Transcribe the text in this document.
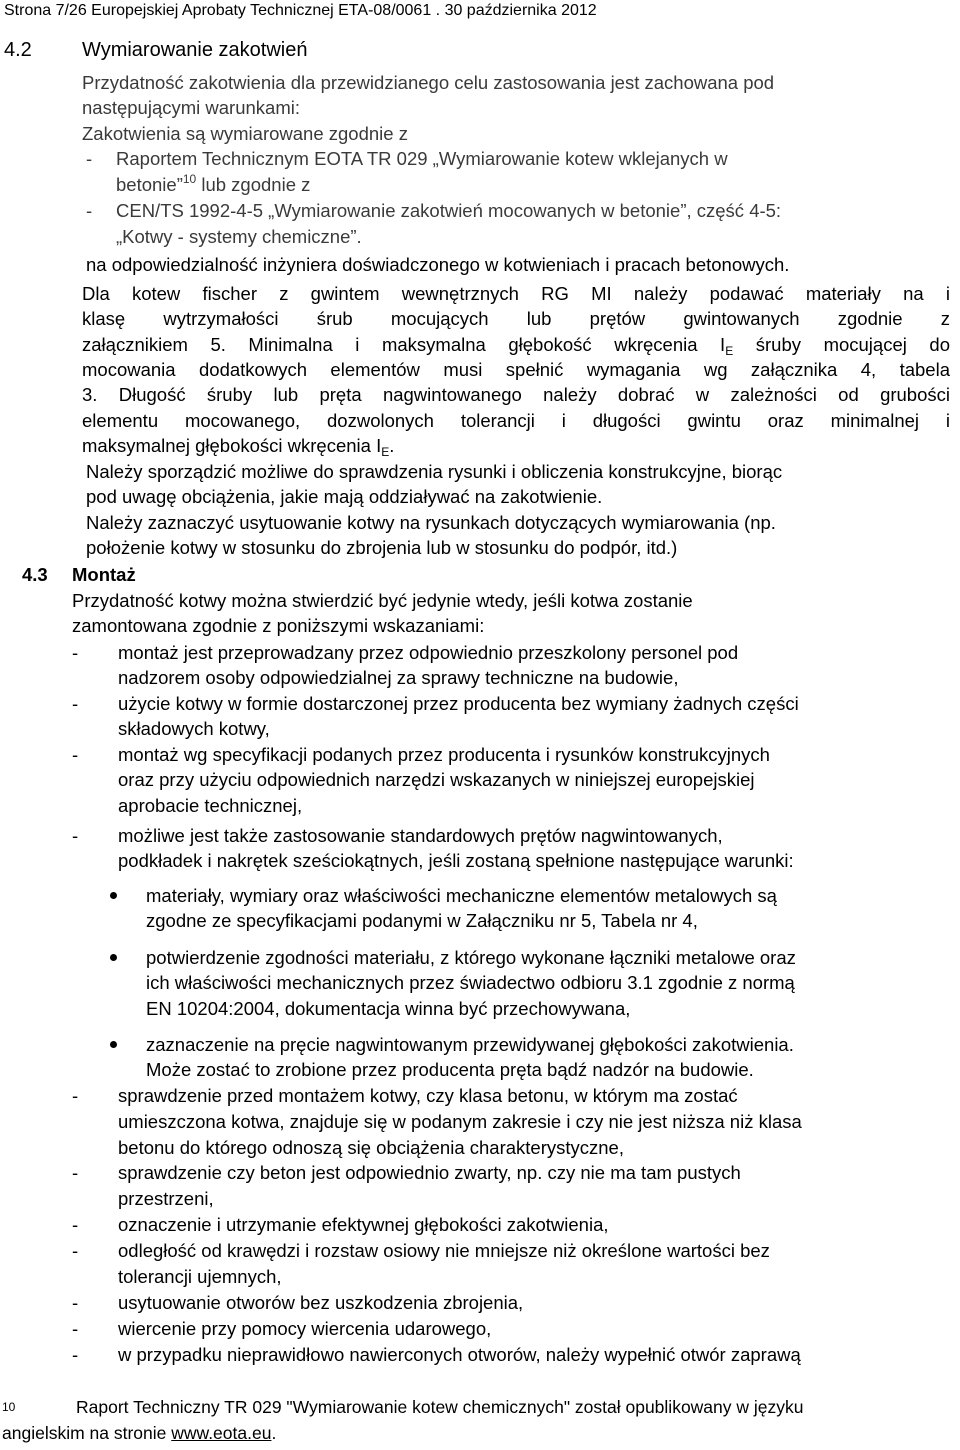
Strona 7/26 Europejskiej Aprobaty Technicznej ETA-08/0061 . 30 października 2012
4.2	Wymiarowanie zakotwień
Przydatność zakotwienia dla przewidzianego celu zastosowania jest zachowana pod
następującymi warunkami:
Zakotwienia są wymiarowane zgodnie z
- Raportem Technicznym EOTA TR 029 „Wymiarowanie kotew wklejanych w
betonie”$^{10}$ lub zgodnie z
- CEN/TS 1992-4-5 „Wymiarowanie zakotwień mocowanych w betonie”, część 4-5:
„Kotwy - systemy chemiczne”.
na odpowiedzialność inżyniera doświadczonego w kotwieniach i pracach betonowych.
Dla kotew fischer z gwintem wewnętrznych RG MI należy podawać materiały na i
klasę wytrzymałości śrub mocujących lub prętów gwintowanych zgodnie z
załącznikiem 5. Minimalna i maksymalna głębokość wkręcenia $I_E$ śruby mocującej do
mocowania dodatkowych elementów musi spełnić wymagania wg załącznika 4, tabela
3. Długość śruby lub pręta nagwintowanego należy dobrać w zależności od grubości
elementu mocowanego, dozwolonych tolerancji i długości gwintu oraz minimalnej i
maksymalnej głębokości wkręcenia $I_E$.
Należy sporządzić możliwe do sprawdzenia rysunki i obliczenia konstrukcyjne, biorąc
pod uwagę obciążenia, jakie mają oddziaływać na zakotwienie.
Należy zaznaczyć usytuowanie kotwy na rysunkach dotyczących wymiarowania (np.
położenie kotwy w stosunku do zbrojenia lub w stosunku do podpór, itd.)
4.3 Montaż
Przydatność kotwy można stwierdzić być jedynie wtedy, jeśli kotwa zostanie
zamontowana zgodnie z poniższymi wskazaniami:
- montaż jest przeprowadzany przez odpowiednio przeszkolony personel pod
nadzorem osoby odpowiedzialnej za sprawy techniczne na budowie,
- użycie kotwy w formie dostarczonej przez producenta bez wymiany żadnych części
składowych kotwy,
- montaż wg specyfikacji podanych przez producenta i rysunków konstrukcyjnych
oraz przy użyciu odpowiednich narzędzi wskazanych w niniejszej europejskiej
aprobacie technicznej,
- możliwe jest także zastosowanie standardowych prętów nagwintowanych,
podkładek i nakrętek sześciokątnych, jeśli zostaną spełnione następujące warunki:
materiały, wymiary oraz właściwości mechaniczne elementów metalowych są
zgodne ze specyfikacjami podanymi w Załączniku nr 5, Tabela nr 4,
potwierdzenie zgodności materiału, z którego wykonane łączniki metalowe oraz
ich właściwości mechanicznych przez świadectwo odbioru 3.1 zgodnie z normą
EN 10204:2004, dokumentacja winna być przechowywana,
zaznaczenie na pręcie nagwintowanym przewidywanej głębokości zakotwienia.
Może zostać to zrobione przez producenta pręta bądź nadzór na budowie.
- sprawdzenie przed montażem kotwy, czy klasa betonu, w którym ma zostać
umieszczona kotwa, znajduje się w podanym zakresie i czy nie jest niższa niż klasa
betonu do którego odnoszą się obciążenia charakterystyczne,
- sprawdzenie czy beton jest odpowiednio zwarty, np. czy nie ma tam pustych
przestrzeni,
- oznaczenie i utrzymanie efektywnej głębokości zakotwienia,
- odległość od krawędzi i rozstaw osiowy nie mniejsze niż określone wartości bez
tolerancji ujemnych,
- usytuowanie otworów bez uszkodzenia zbrojenia,
- wiercenie przy pomocy wiercenia udarowego,
- w przypadku nieprawidłowo nawierconych otworów, należy wypełnić otwór zaprawą
10	Raport Techniczny TR 029 "Wymiarowanie kotew chemicznych" został opublikowany w języku
angielskim na stronie www.eota.eu.
